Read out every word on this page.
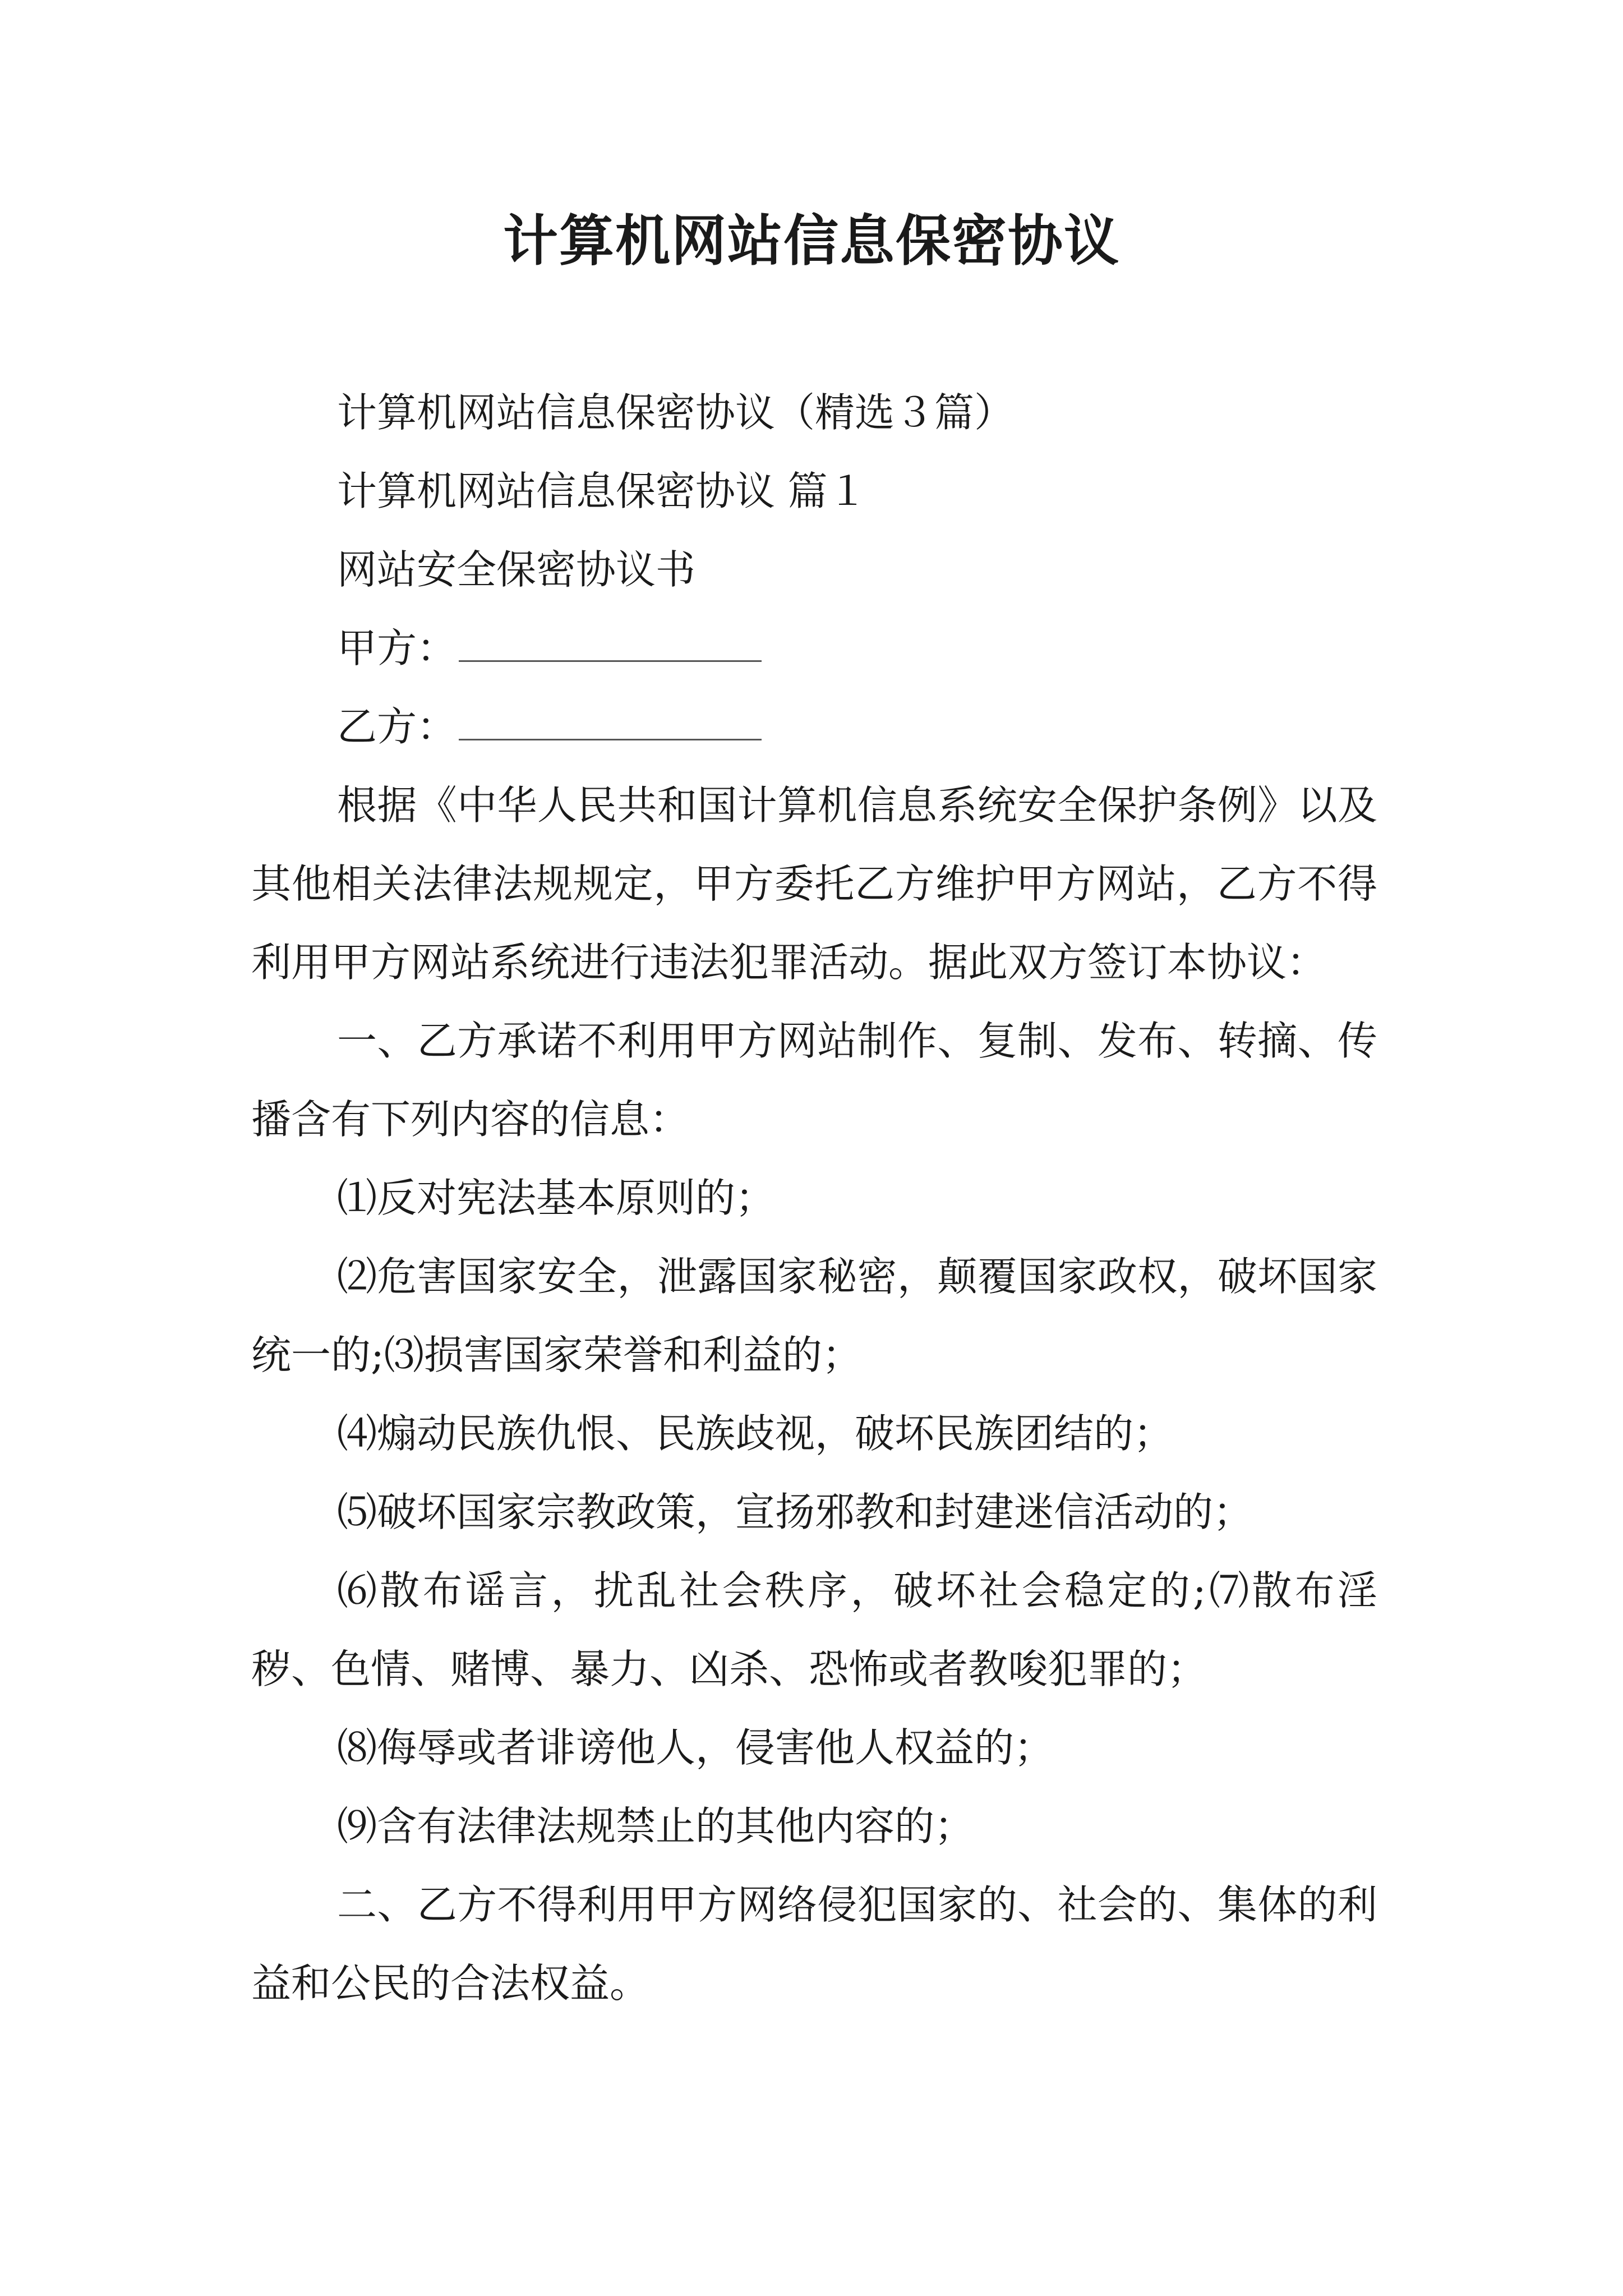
计算机网站信息保密协议

计算机网站信息保密协议（精选３篇）

计算机网站信息保密协议 篇１

网站安全保密协议书

甲方：

乙方：

根据《中华人民共和国计算机信息系统安全保护条例》以及其他相关法律法规规定，甲方委托乙方维护甲方网站，乙方不得利用甲方网站系统进行违法犯罪活动。据此双方签订本协议：

一、乙方承诺不利用甲方网站制作、复制、发布、转摘、传播含有下列内容的信息：

⑴反对宪法基本原则的；

⑵危害国家安全，泄露国家秘密，颠覆国家政权，破坏国家统一的;⑶损害国家荣誉和利益的；

⑷煽动民族仇恨、民族歧视，破坏民族团结的；

⑸破坏国家宗教政策，宣扬邪教和封建迷信活动的；

⑹散布谣言，扰乱社会秩序，破坏社会稳定的;⑺散布淫秽、色情、赌博、暴力、凶杀、恐怖或者教唆犯罪的；

⑻侮辱或者诽谤他人，侵害他人权益的；

⑼含有法律法规禁止的其他内容的；

二、乙方不得利用甲方网络侵犯国家的、社会的、集体的利益和公民的合法权益。
